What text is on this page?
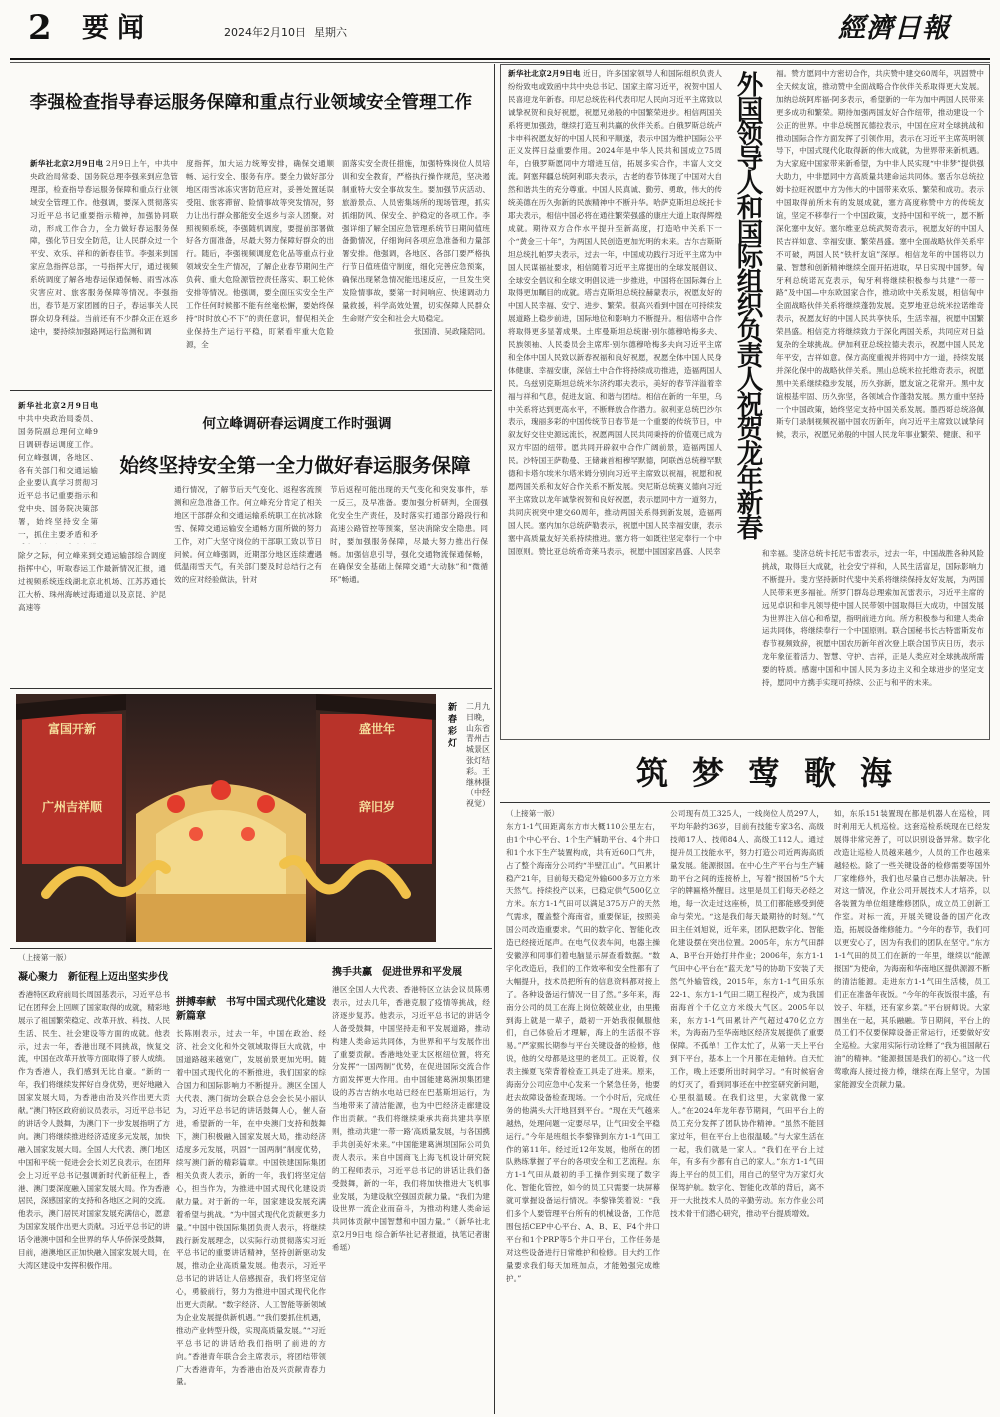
2 要闻	2024年2月10日 星期六	經濟日報
李强检查指导春运服务保障和重点行业领域安全管理工作
新华社北京2月9日电 2月9日上午，中共中央政治局常委、国务院总理李强来到应急管理部，检查指导春运服务保障和重点行业领域安全管理工作。他强调，要深入贯彻落实习近平总书记重要指示精神，加强协同联动，形成工作合力，全力做好春运服务保障，强化节日安全防范，让人民群众过一个平安、欢乐、祥和的新春佳节。李强来到国家应急指挥总部，一号指挥大厅，通过视频系统调度了解各地春运保通保畅、雨雪冰冻灾害应对、旅客服务保障等情况。李强指出，春节是万家团圆的日子，春运事关人民群众切身利益。当前还有不少群众正在返乡途中，要持续加强路网运行监测和调
度指挥，加大运力统筹安排，确保交通顺畅、运行安全、服务有序。要全力做好部分地区雨雪冰冻灾害防范应对，妥善处置延误受阻、旅客滞留、险情事故等突发情况，努力让出行群众都能安全返乡与亲人团聚。对照视频系统，李强随机调度，要提前部署做好各方面准备，尽最大努力保障好群众的出行。随后，李强视频调度危化品等重点行业领域安全生产情况，了解企业春节期间生产负荷、重大危险源管控责任落实、职工轮休安排等情况。他强调，要全面压实安全生产工作任何时候都不能有丝毫松懈，要始终保持“时时放心不下”的责任意识，督促相关企业保持生产运行平稳，盯紧看牢重大危险源，全
面落实安全责任措施，加强特殊岗位人员培训和安全教育，严格执行操作规范，坚决遏制重特大安全事故发生。要加强节庆活动、旅游景点、人员密集场所的现场管理，抓实抓细防风、保安全、护稳定的各项工作。李强详细了解全国应急管理系统节日期间值班备勤情况，仔细询问各项应急准备和力量部署安排。他强调，各地区、各部门要严格执行节日值班值守制度，细化完善应急预案，确保出现紧急情况能迅速反应，一旦发生突发险情事故，要第一时间响应、快速调动力量救援，科学高效处置，切实保障人民群众生命财产安全和社会大局稳定。
张国清、吴政隆陪同。
新华社北京2月9日电 中共中央政治局委员、国务院副总理何立峰9日调研春运调度工作。何立峰强调，各地区、各有关部门和交通运输企业要认真学习贯彻习近平总书记重要指示和党中央、国务院决策部署，始终坚持安全第一，抓住主要矛盾和矛
何立峰调研春运调度工作时强调
始终坚持安全第一全力做好春运服务保障
除夕之际，何立峰来到交通运输部综合调度指挥中心，听取春运工作最新情况汇报，通过视频系统连线湖北京北机场、江苏苏通长江大桥、珠州海峡过海通道以及京昆、沪昆高速等
通行情况，了解节后天气变化、返程客流预测和应急准备工作。何立峰充分肯定了相关地区干部群众和交通运输系统职工在抗冰除雪、保障交通运输安全通畅方面所做的努力工作，对广大坚守岗位的干部职工致以节日问候。何立峰强调，近期部分地区连续遭遇低温雨雪天气，有关部门要及时总结行之有效的应对经验做法，针对
节后返程可能出现的天气变化和突发事件，举一反三，及早准备。要加强分析研判，全面强化安全生产责任，及时落实打通部分路段行和高速公路管控等预案，坚决消除安全隐患。同时，要加强服务保障，尽最大努力推出行保畅。加强信息引导，强化交通物流保通保畅，在确保安全基础上保障交通“大动脉”和“微循环”畅通。
富国开新
广州吉祥顺
盛世年
辞旧岁
新春彩灯
二月九日晚，山东省青州古城景区张灯结彩。王继林摄（中经视觉）
（上接第一版）
凝心聚力　新征程上迈出坚实步伐
香港特区政府前局长周国基表示，习近平总书记在团拜会上回顾了国家取得的成就，精彩地展示了祖国繁荣稳定、改革开放、科技、人民生活、民生、社会建设等方面的成就。他表示，过去一年，香港出现不同挑战，恢复交流，中国在改革开放等方面取得了骄人成绩。作为香港人，我们感到无比自豪。“新的一年，我们将继续发挥好自身优势，更好地融入国家发展大局，为香港由治及兴作出更大贡献。”澳门特区政府前议员表示，习近平总书记的讲话令人鼓舞，为澳门下一步发展指明了方向。澳门将继续推进经济适度多元发展，加快融入国家发展大局。全国人大代表、澳门地区中国和平统一促进会会长刘艺良表示，在团拜会上习近平总书记强调新时代新征程上，香港、澳门要深度融入国家发展大局。作为香港居民，深感国家的支持和各地区之间的交流。他表示，澳门居民对国家发展充满信心，愿意为国家发展作出更大贡献。习近平总书记的讲话令港澳中国和全世界的华人华侨深受鼓舞，目前，港澳地区正加快融入国家发展大局，在大湾区建设中发挥积极作用。
拼搏奉献　书写中国式现代化建设新篇章
长陈刚表示，过去一年，中国在政治、经济、社会文化和外交领域取得巨大成就，中国道路越来越宽广，发展前景更加光明。随着中国式现代化的不断推进，我们国家的综合国力和国际影响力不断提升。澳区全国人大代表、澳门街坊会联合总会会长吴小丽认为，习近平总书记的讲话鼓舞人心，催人奋进，希望新的一年，在中央澳门支持和鼓舞下，澳门积极融入国家发展大局，推动经济适度多元发展，巩固“一国两制”制度优势，续写澳门新的精彩篇章。中国铁建国际集团相关负责人表示，新的一年，我们将坚定信心，担当作为，为推进中国式现代化建设贡献力量。对于新的一年，国家建设发展充满着希望与挑战。“为中国式现代化贡献更多力量。”中国中铁国际集团负责人表示，将继续践行新发展理念，以实际行动贯彻落实习近平总书记的重要讲话精神，坚持创新驱动发展，推动企业高质量发展。他表示，习近平总书记的讲话让人倍感振奋，我们将坚定信心，勇毅前行，努力为推进中国式现代化作出更大贡献。“数字经济、人工智能等新领域为企业发展提供新机遇。”“我们要抓住机遇，推动产业转型升级，实现高质量发展。”“习近平总书记的讲话给我们指明了前进的方向。”香港青年联合会主席表示，将团结带领广大香港青年，为香港由治及兴贡献青春力量。
携手共赢　促进世界和平发展
港区全国人大代表、香港特区立法会议员陈勇表示，过去几年，香港克服了疫情等挑战，经济逐步复苏。他表示，习近平总书记的讲话令人备受鼓舞，中国坚持走和平发展道路，推动构建人类命运共同体，为世界和平与发展作出了重要贡献。香港地处亚太区枢纽位置，将充分发挥“一国两制”优势，在促进国际交流合作方面发挥更大作用。由中国能建葛洲坝集团建设的苏吉吉纳水电站已经在巴基斯坦运行，为当地带来了清洁能源，也为中巴经济走廊建设作出贡献。“我们将继续秉承共商共建共享原则，推动共建‘一带一路’高质量发展，与各国携手共创美好未来。”中国能建葛洲坝国际公司负责人表示。来自中国商飞上海飞机设计研究院的工程师表示，习近平总书记的讲话让我们备受鼓舞，新的一年，我们将加快推进大飞机事业发展，为建设航空强国贡献力量。“我们为建设世界一流企业而奋斗，为推动构建人类命运共同体贡献中国智慧和中国力量。”（新华社北京2月9日电 综合新华社记者报道，执笔记者谢希瑶）
新华社北京2月9日电 近日，许多国家领导人和国际组织负责人纷纷致电或致函中共中央总书记、国家主席习近平，祝贺中国人民喜迎龙年新春。印尼总统佐科代表印尼人民向习近平主席致以诚挚祝贺和良好祝愿，祝愿兄弟般的中国繁荣进步。相信两国关系将更加强劲，继续打造互利共赢的伙伴关系。白俄罗斯总统卢卡申科祝愿友好的中国人民和平顺遂，表示中国为维护国际公平正义发挥日益重要作用。2024年是中华人民共和国成立75周年，白俄罗斯愿同中方增进互信，拓展多实合作，丰富人文交流。阿塞拜疆总统阿利耶夫表示，古老的春节体现了中国对大自然和谐共生的充分尊重。中国人民真诚、勤劳、勇敢，伟大的传统美德在历久弥新的民族精神中不断升华。哈萨克斯坦总统托卡耶夫表示，相信中国必将在通往繁荣强盛的康庄大道上取得辉煌成就。期待双方合作水平提升至新高度，打造哈中关系下一个“黄金三十年”，为两国人民创造更加光明的未来。吉尔吉斯斯坦总统扎帕罗夫表示，过去一年，中国成功践行习近平主席为中国人民谋福祉要求，相信随着习近平主席提出的全球发展倡议、全球安全倡议和全球文明倡议进一步推进，中国将在国际舞台上取得更加瞩目的成就。塔吉克斯坦总统拉赫蒙表示，祝愿友好的中国人民幸福、安宁、进步、繁荣。很高兴看到中国在可持续发展道路上稳步前进，国际地位和影响力不断提升。相信塔中合作将取得更多显著成果。土库曼斯坦总统谢·别尔德穆哈梅多夫、民族领袖、人民委员会主席库·别尔德穆哈梅多夫向习近平主席和全体中国人民致以新春祝福和良好祝愿，祝愿全体中国人民身体健康、幸福安康，深信土中合作将持续成功推进，造福两国人民。乌兹别克斯坦总统米尔济约耶夫表示，美好的春节洋溢着幸福与祥和气息，促进友谊、和谐与团结。相信在新的一年里，乌中关系将达到更高水平，不断释放合作潜力。叙利亚总统巴沙尔表示，瑰丽多彩的中国传统节日春节是一个重要的传统节日，中叙友好交往史源远流长，祝愿两国人民共同秉持的价值观已成为双方牢固的纽带。愿共同开辟叙中合作广阔前景，造福两国人民。沙特国王萨勒曼、王储兼首相穆罕默德，阿联酋总统穆罕默德和卡塔尔埃米尔塔米姆分别向习近平主席致以祝福，祝愿和祝愿两国关系和友好合作关系不断发展。突尼斯总统赛义德向习近平主席致以龙年诚挚祝贺和良好祝愿，表示愿同中方一道努力，共同庆祝突中建交60周年，推动两国关系得到新发展，造福两国人民。塞内加尔总统萨勒表示，祝愿中国人民幸福安康，表示塞中高质量友好关系持续推进。塞方将一如既往坚定奉行一个中国原则。赞比亚总统希奇莱马表示，祝愿中国国家昌盛、人民幸
外国领导人和国际组织负责人祝贺龙年新春
福。赞方愿同中方密切合作，共庆赞中建交60周年，巩固赞中全天候友谊，推动赞中全面战略合作伙伴关系取得更大发展。加纳总统阿库福-阿多表示，希望新的一年为加中两国人民带来更多成功和繁荣。期待加强两国友好合作纽带，推动建设一个公正的世界。中非总统图瓦德拉表示，中国在应对全球挑战和推动国际合作方面发挥了引领作用，表示在习近平主席英明领导下，中国式现代化取得新的伟大成就，为世界带来新机遇。为大家庭中国家带来新希望，为中非人民实现“中非梦”提供强大助力，中非愿同中方高质量共建命运共同体。塞舌尔总统拉姆卡拉旺祝愿中方为伟大的中国带来欢乐、繁荣和成功。表示中国取得前所未有的发展成就，塞方高度称赞中方的传统友谊，坚定不移奉行一个中国政策，支持中国和平统一，愿不断深化塞中友好。塞尔维亚总统武契奇表示，祝愿友好的中国人民吉祥如意、幸福安康、繁荣昌盛。塞中全面战略伙伴关系牢不可破，两国人民“铁杆友谊”深厚。相信龙年的中国将以力量、智慧和创新精神继续全面开拓进取，早日实现中国梦。匈牙利总统诺瓦克表示，匈牙利将继续积极参与共建“一带一路”及中国—中东欧国家合作，推动欧中关系发展，相信匈中全面战略伙伴关系将继续蓬勃发展。克罗地亚总统米拉诺维奇表示，祝愿友好的中国人民共享快乐，生活幸福，祝愿中国繁荣昌盛。相信克方将继续致力于深化两国关系，共同应对日益复杂的全球挑战。伊加利亚总统拉德夫表示，祝愿中国人民龙年平安，吉祥如意。保方高度重视并将同中方一道，持续发展并深化保中的战略伙伴关系。黑山总统米拉托维奇表示，祝愿黑中关系继续稳步发展，历久弥新，愿友谊之花常开。黑中友谊根基牢固、历久弥坚，各领域合作蓬勃发展。黑方重中坚持一个中国政策，始终坚定支持中国关系发展。墨西哥总统洛佩斯专门录制视频祝福中国农历新年，向习近平主席致以诚挚问候，表示，祝愿兄弟般的中国人民龙年事业繁荣、健康、和平
和幸福。斐济总统卡托尼韦雷表示，过去一年，中国战胜各种风险挑战，取得巨大成就，社会安宁祥和，人民生活富足，国际影响力不断提升。斐方坚持新时代斐中关系将继续保持友好发展，为两国人民带来更多福祉。所罗门群岛总理索加瓦雷表示，习近平主席的远见卓识和非凡领导使中国人民带领中国取得巨大成功，中国发展为世界注入信心和希望，指明前进方向。所方积极参与和建人类命运共同体，将继续奉行一个中国原则。联合国秘书长古特雷斯发布春节视频致辞，祝愿中国农历新年首次登上联合国节庆日历，表示龙年象征着活力、智慧、守护、吉祥，正是人类应对全球挑战所需要的特质。感谢中国和中国人民为多边主义和全球进步的坚定支持，愿同中方携手实现可持续、公正与和平的未来。
筑梦莺歌海
（上接第一版）
东方1-1气田距离东方市大概110公里左右，由1个中心平台、1个生产辅助平台、4个井口和1个水下生产装置构成，共有近60口气井，占了整个海南分公司约“半壁江山”。气田累计稳产21年，目前每天稳定外输600多万立方米天然气。持续投产以来，已稳定供气500亿立方米。东方1-1气田可以满足375万户的天然气需求，覆盖整个海南省，重要保证，按照美国公司改造重要求。气田的数字化、智能化改造已经接近尾声。在电气仪表车间，电器主操安徽淳和同事们着电脑显示屏查看数据。“数字化改造后，我们的工作效率和安全性都有了大幅提升，技术员把所有的信息资料都对接上了。各种设备运行情况一目了然。”多年来，海南分公司的员工在海上岗位兢兢业业，由里搬到海上就是一辈子，最初一开始我很佩服他们，自己体验后才理解，海上的生活很不容易。”严家熙长期参与平台关键设备的检修，他说，他的父母都是这里的老员工。正说着，仪表主操夏飞荣背着检查工具走了进来。原来，海南分公司应急中心发来一个紧急任务，他要赶去故障设备检查现场。一个小时后，完成任务的他满头大汗地回到平台。“现在天气越来越热，处理问题一定要尽早，让气田安全平稳运行。”今年是班组长李黎锋到东方1-1气田工作的第11年。经过近12年发展，他所在的团队熟练掌握了平台的各项安全和工艺流程。东方1-1气田从最初的手工操作到实现了数字化、智能化管控，如今的员工只需要一块屏幕就可掌握设备运行情况。李黎锋笑着说：“我们多个人要管理平台所有的机械设备，工作范围包括CEP中心平台、A、B、E、F4个井口平台和1个PRP等5个井口平台，工作任务是对这些设备进行日常维护和检修。目大约工作量要求我们每天加班加点，才能勉强完成维护。”
公司现有员工325人，一线岗位人员297人，平均年龄约36岁，目前有技能专家3名、高级技师17人、技师84人、高级工112人。通过提升员工技能水平，努力打造公司近两海高质量发展。能源报国。在中心生产平台与生产辅助平台之间的连接桥上，写着“报国桥”5个大字的牌匾格外醒目。这里是员工们每天必经之地，每一次走过这座桥，员工们都能感受到使命与荣光。“这是我们每天最期待的时刻。”气田主任刘旭说，近年来，团队把数字化、智能化建设摆在突出位置。2005年，东方气田群A、B平台开始打井作业；2006年，东方1-1气田中心平台在“蓝天龙”号的协助下安装了天然气外输管线，2015年，东方1-1气田乐东22-1、东方1-1气田二期工程投产，成为我国南海首个千亿立方米级大气区。2005年以来，东方1-1气田累计产气超过470亿立方米，为海南乃至华南地区经济发展提供了重要保障。不孤单！工作太忙了，从第一天上平台到下平台，基本上一个月都在走轴转。自天忙工作，晚上还要所出时间学习。“有时候宿舍的灯灭了，看到同事还在中控室研究新问题，心里很温暖。在我们这里，大家就像一家人。”在2024年龙年春节期间，气田平台上的员工充分发挥了团队协作精神。“虽然不能回家过年，但在平台上也很温暖。”与大家生活在一起，我们就是一家人。“我们在平台上过年，有多有少都有自己的家人。”东方1-1气田海上平台的员工们，用自己的坚守为万家灯火保驾护航。数字化、智能化改革的背后，离不开一大批技术人员的辛勤劳动。东方作业公司技术骨干们潜心研究，推动平台提质增效。
如，东乐151装置现在都是机器人在巡检，同时利用无人机巡检。这套巡检系统现在已经发展得非常完善了，可以识别设备异常。数字化改造让巡检人员越来越少，人员的工作也越来越轻松。除了一些关键设备的检修需要等国外厂家维修外，我们也尽量自己想办法解决。针对这一情况，作业公司开展技术人才培养，以各装置为单位组建维修团队，成立员工创新工作室。对标一流，开展关键设备的国产化改造，拓展设备维修能力。“今年的春节，我们可以更安心了，因为有我们的团队在坚守。”东方1-1气田的员工们在新的一年里，继续以“能源报国”为使命，为海南和华南地区提供源源不断的清洁能源。走进东方1-1气田生活楼，员工们正在准备年夜饭。“今年的年夜饭很丰盛，有饺子、年糕，还有家乡菜。”平台厨师说。大家围坐在一起，其乐融融。节日期间，平台上的员工们不仅要保障设备正常运行，还要做好安全巡检。大家用实际行动诠释了“我为祖国献石油”的精神。“能源报国是我们的初心。”这一代莺歌海人接过接力棒，继续在海上坚守，为国家能源安全贡献力量。
